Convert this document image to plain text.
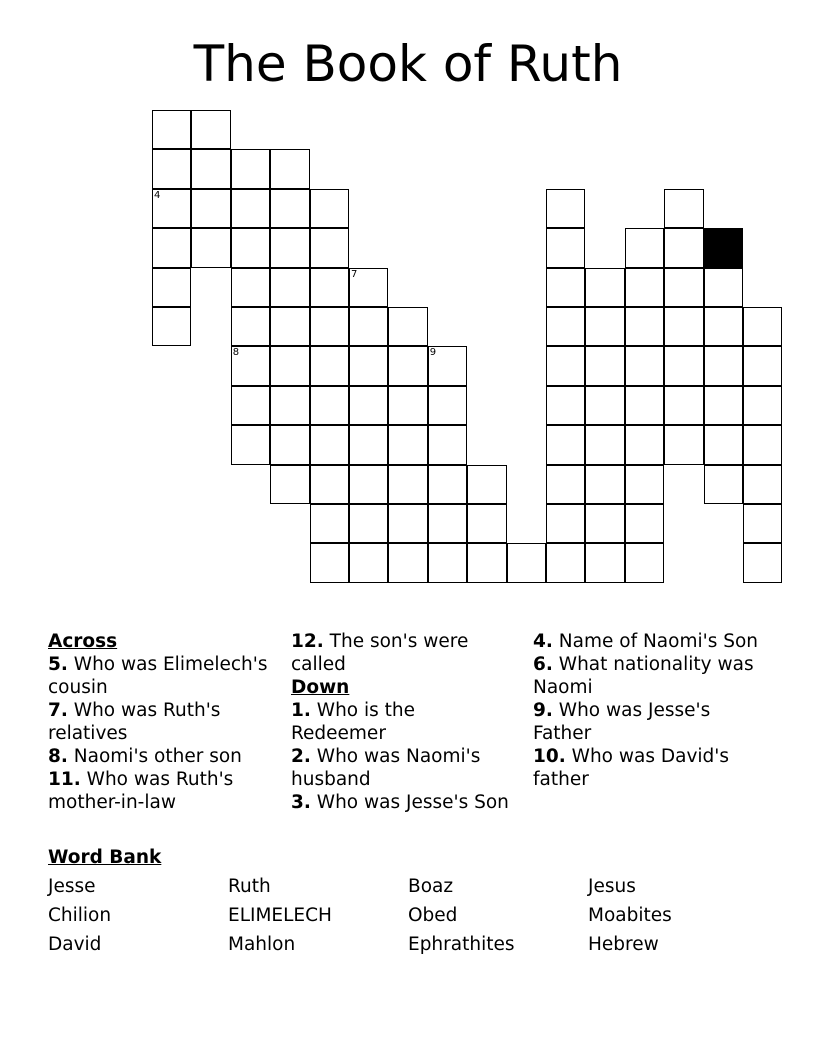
The Book of Ruth
4
8
7
9
Across

5. Who was Elimelech's cousin

7. Who was Ruth's relatives

8. Naomi's other son

11. Who was Ruth's mother-in-law

12. The son's were called

Down

1. Who is the Redeemer

2. Who was Naomi's husband

3. Who was Jesse's Son

4. Name of Naomi's Son

6. What nationality was Naomi

9. Who was Jesse's Father

10. Who was David's father

Word Bank
Jesse	Ruth	Boaz	Jesus
Chilion	ELIMELECH	Obed	Moabites
David	Mahlon	Ephrathites	Hebrew
